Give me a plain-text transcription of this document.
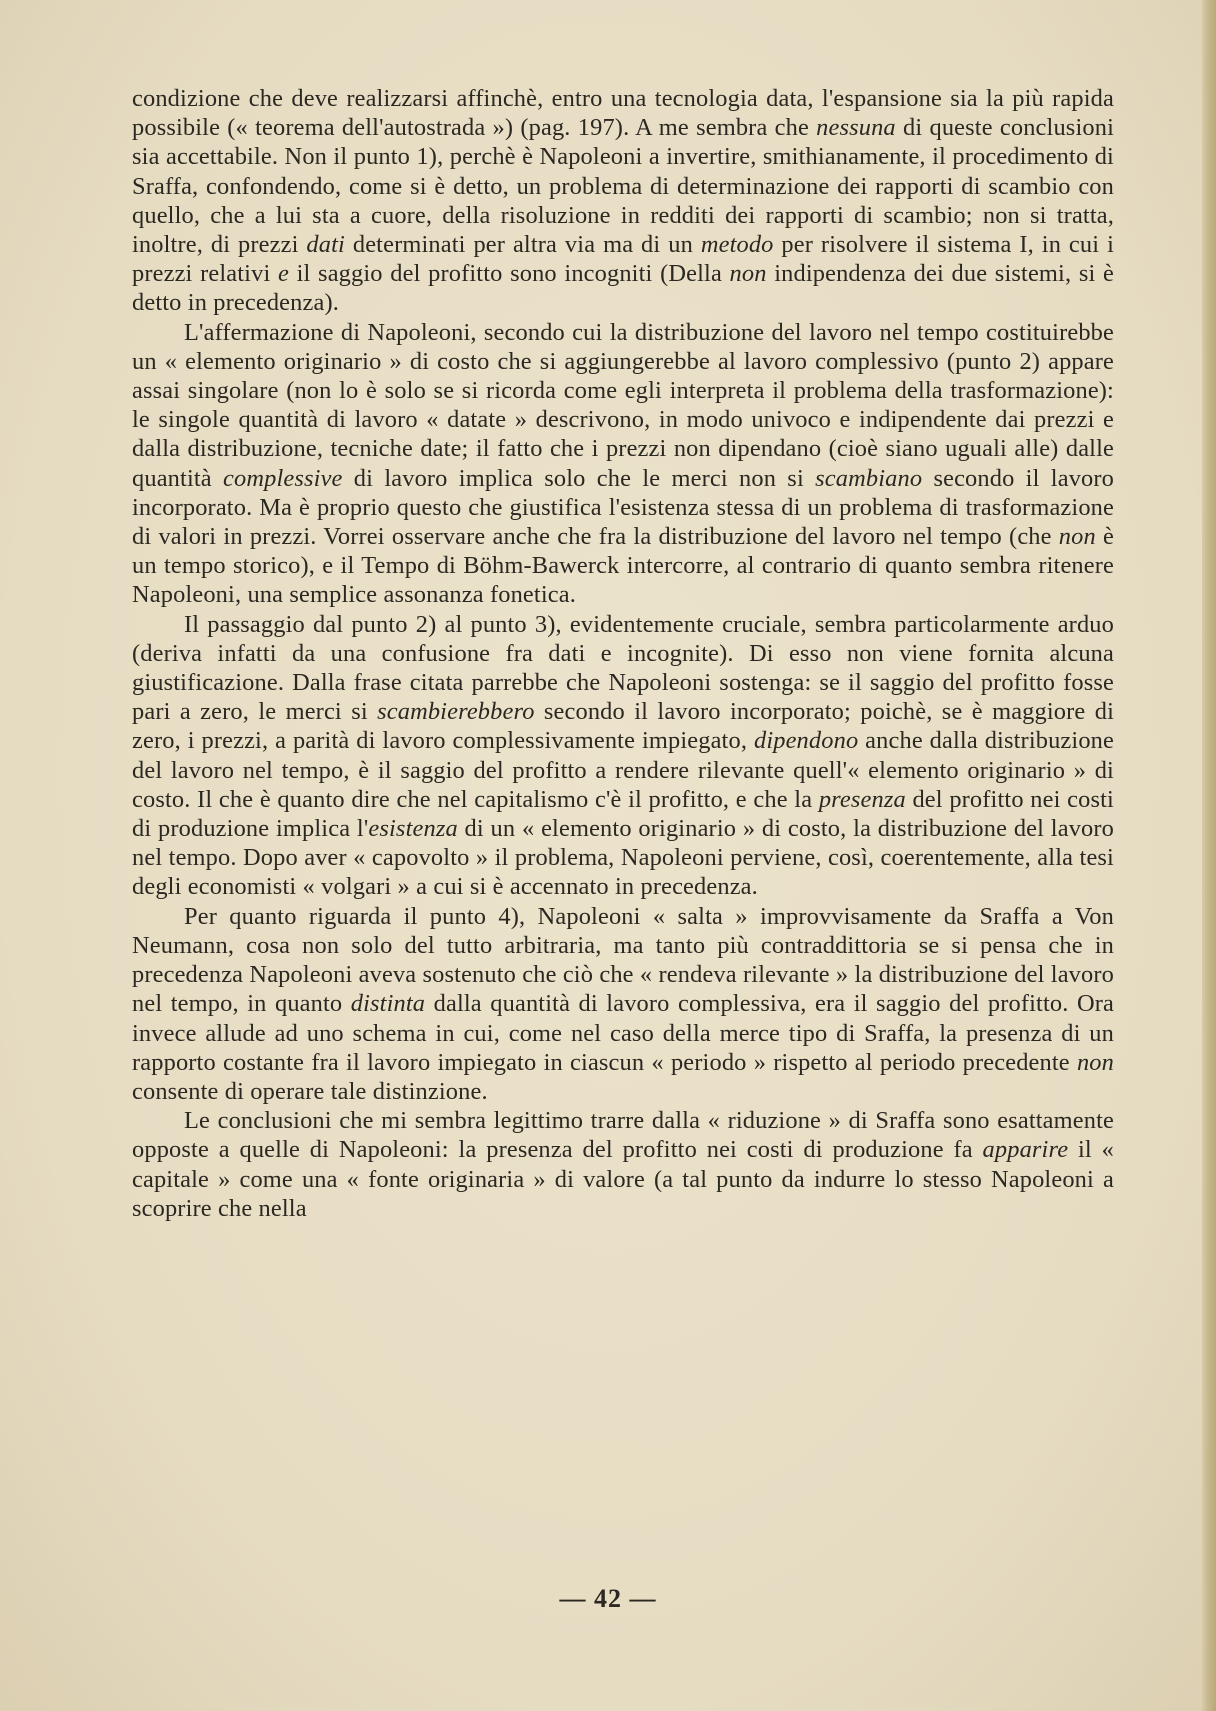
condizione che deve realizzarsi affinchè, entro una tecnologia data, l'espansione sia la più rapida possibile (« teorema dell'autostrada ») (pag. 197). A me sembra che nessuna di queste conclusioni sia accettabile. Non il punto 1), perchè è Napoleoni a invertire, smithianamente, il procedimento di Sraffa, confondendo, come si è detto, un problema di determinazione dei rapporti di scambio con quello, che a lui sta a cuore, della risoluzione in redditi dei rapporti di scambio; non si tratta, inoltre, di prezzi dati determinati per altra via ma di un metodo per risolvere il sistema I, in cui i prezzi relativi e il saggio del profitto sono incogniti (Della non indipendenza dei due sistemi, si è detto in precedenza).

L'affermazione di Napoleoni, secondo cui la distribuzione del lavoro nel tempo costituirebbe un « elemento originario » di costo che si aggiungerebbe al lavoro complessivo (punto 2) appare assai singolare (non lo è solo se si ricorda come egli interpreta il problema della trasformazione): le singole quantità di lavoro « datate » descrivono, in modo univoco e indipendente dai prezzi e dalla distribuzione, tecniche date; il fatto che i prezzi non dipendano (cioè siano uguali alle) dalle quantità complessive di lavoro implica solo che le merci non si scambiano secondo il lavoro incorporato. Ma è proprio questo che giustifica l'esistenza stessa di un problema di trasformazione di valori in prezzi. Vorrei osservare anche che fra la distribuzione del lavoro nel tempo (che non è un tempo storico), e il Tempo di Böhm-Bawerck intercorre, al contrario di quanto sembra ritenere Napoleoni, una semplice assonanza fonetica.

Il passaggio dal punto 2) al punto 3), evidentemente cruciale, sembra particolarmente arduo (deriva infatti da una confusione fra dati e incognite). Di esso non viene fornita alcuna giustificazione. Dalla frase citata parrebbe che Napoleoni sostenga: se il saggio del profitto fosse pari a zero, le merci si scambierebbero secondo il lavoro incorporato; poichè, se è maggiore di zero, i prezzi, a parità di lavoro complessivamente impiegato, dipendono anche dalla distribuzione del lavoro nel tempo, è il saggio del profitto a rendere rilevante quell'« elemento originario » di costo. Il che è quanto dire che nel capitalismo c'è il profitto, e che la presenza del profitto nei costi di produzione implica l'esistenza di un « elemento originario » di costo, la distribuzione del lavoro nel tempo. Dopo aver « capovolto » il problema, Napoleoni perviene, così, coerentemente, alla tesi degli economisti « volgari » a cui si è accennato in precedenza.

Per quanto riguarda il punto 4), Napoleoni « salta » improvvisamente da Sraffa a Von Neumann, cosa non solo del tutto arbitraria, ma tanto più contraddittoria se si pensa che in precedenza Napoleoni aveva sostenuto che ciò che « rendeva rilevante » la distribuzione del lavoro nel tempo, in quanto distinta dalla quantità di lavoro complessiva, era il saggio del profitto. Ora invece allude ad uno schema in cui, come nel caso della merce tipo di Sraffa, la presenza di un rapporto costante fra il lavoro impiegato in ciascun « periodo » rispetto al periodo precedente non consente di operare tale distinzione.

Le conclusioni che mi sembra legittimo trarre dalla « riduzione » di Sraffa sono esattamente opposte a quelle di Napoleoni: la presenza del profitto nei costi di produzione fa apparire il « capitale » come una « fonte originaria » di valore (a tal punto da indurre lo stesso Napoleoni a scoprire che nella

— 42 —
